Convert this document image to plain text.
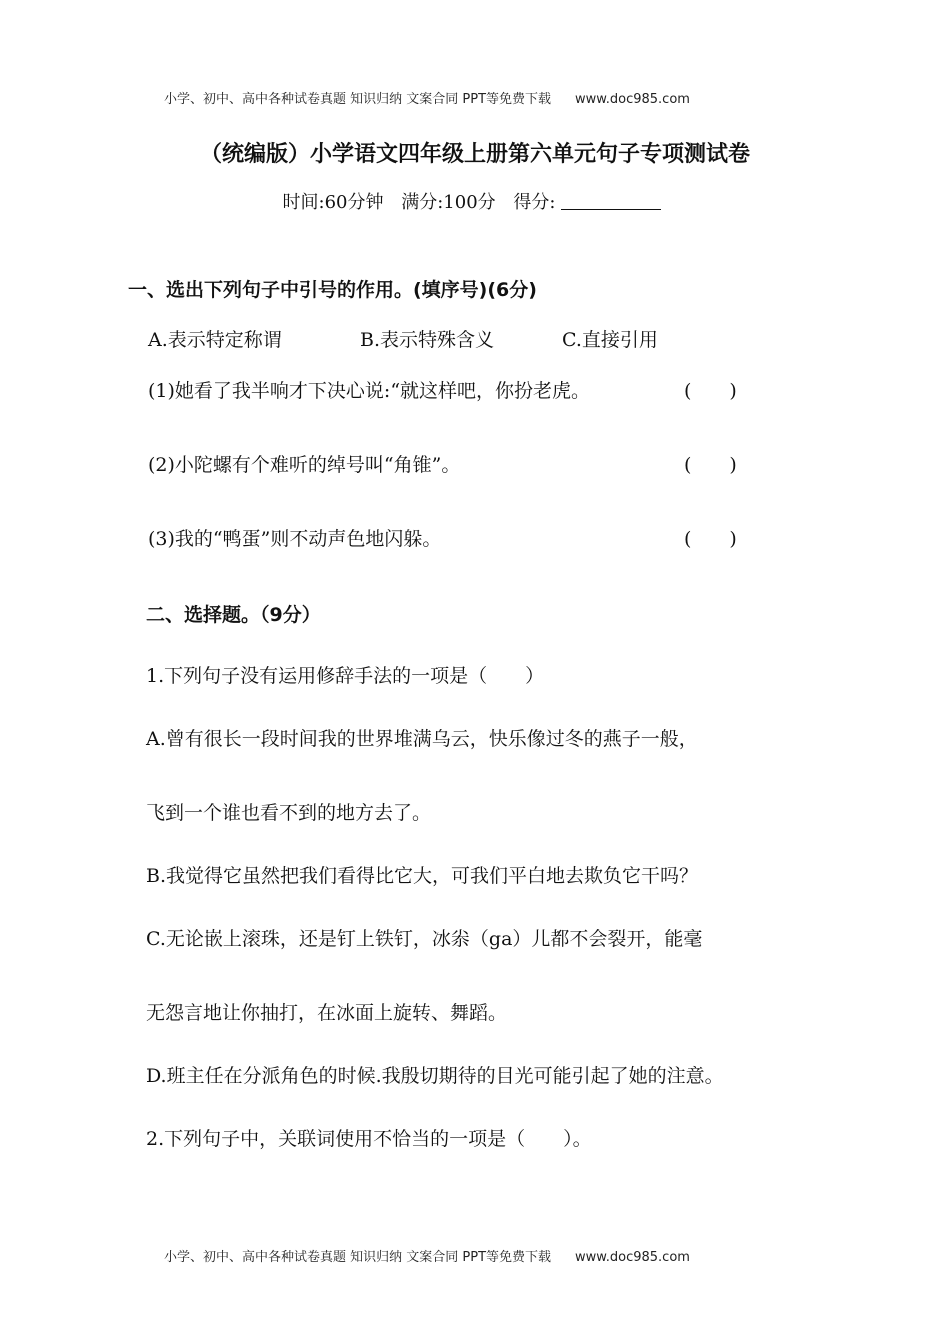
小学、初中、高中各种试卷真题 知识归纳 文案合同 PPT等免费下载 www.doc985.com
（统编版）小学语文四年级上册第六单元句子专项测试卷
时间:60分钟 满分:100分 得分:
一、选出下列句子中引号的作用。(填序号)(6分)
A.表示特定称谓	B.表示特殊含义	C.直接引用
(1)她看了我半响才下决心说:“就这样吧，你扮老虎。	(　　)
(2)小陀螺有个难听的绰号叫“角锥”。	(　　)
(3)我的“鸭蛋”则不动声色地闪躲。	(　　)
二、选择题。（9分）
1.下列句子没有运用修辞手法的一项是（　　）
A.曾有很长一段时间我的世界堆满乌云，快乐像过冬的燕子一般，
飞到一个谁也看不到的地方去了。
B.我觉得它虽然把我们看得比它大，可我们平白地去欺负它干吗？
C.无论嵌上滚珠，还是钉上铁钉，冰尜（ga）儿都不会裂开，能毫
无怨言地让你抽打，在冰面上旋转、舞蹈。
D.班主任在分派角色的时候.我殷切期待的目光可能引起了她的注意。
2.下列句子中，关联词使用不恰当的一项是（　　）。
小学、初中、高中各种试卷真题 知识归纳 文案合同 PPT等免费下载 www.doc985.com
